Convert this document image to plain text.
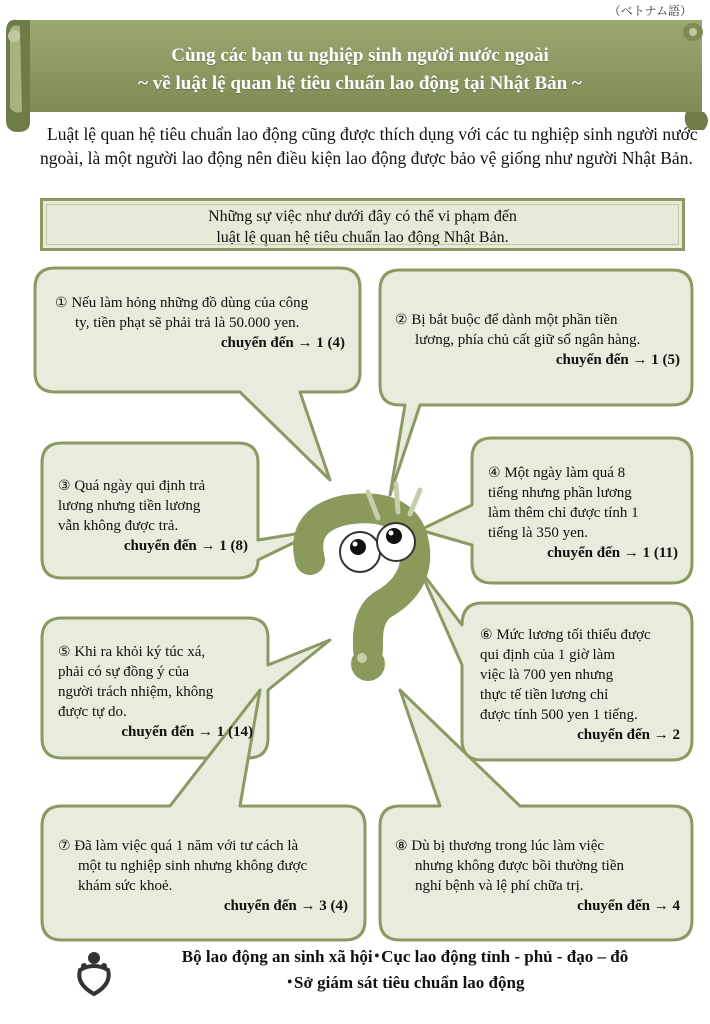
（ベトナム語）
Cùng các bạn tu nghiệp sinh người nước ngoài
~ về luật lệ quan hệ tiêu chuẩn lao động tại Nhật Bản ~
Luật lệ quan hệ tiêu chuẩn lao động cũng được thích dụng với các tu nghiệp sinh người nước ngoài, là một người lao động nên điều kiện lao động được bảo vệ giống như người Nhật Bản.
Những sự việc như dưới đây có thể vi phạm đến
luật lệ quan hệ tiêu chuẩn lao động Nhật Bản.

① Nếu làm hỏng những đồ dùng của công

ty, tiền phạt sẽ phải trả là 50.000 yen.

chuyển đến → 1 (4)

② Bị bắt buộc để dành một phần tiền

lương, phía chủ cất giữ sổ ngân hàng.

chuyển đến → 1 (5)

③ Quá ngày qui định trả

lương nhưng tiền lương

vẫn không được trả.

chuyển đến → 1 (8)

④ Một ngày làm quá 8

tiếng nhưng phần lương

làm thêm chỉ được tính 1

tiếng là 350 yen.

chuyển đến → 1 (11)

⑤ Khi ra khỏi ký túc xá,

phải có sự đồng ý của

người trách nhiệm, không

được tự do.

chuyển đến → 1 (14)

⑥ Mức lương tối thiểu được

qui định của 1 giờ làm

việc là 700 yen nhưng

thực tế tiền lương chỉ

được tính 500 yen 1 tiếng.

chuyển đến → 2

⑦ Đã làm việc quá 1 năm với tư cách là

một tu nghiệp sinh nhưng không được

khám sức khoẻ.

chuyển đến → 3 (4)

⑧ Dù bị thương trong lúc làm việc

nhưng không được bồi thường tiền

nghỉ bệnh và lệ phí chữa trị.

chuyển đến → 4
Bộ lao động an sinh xã hội･Cục lao động tỉnh - phủ - đạo – đô
･Sở giám sát tiêu chuẩn lao động
